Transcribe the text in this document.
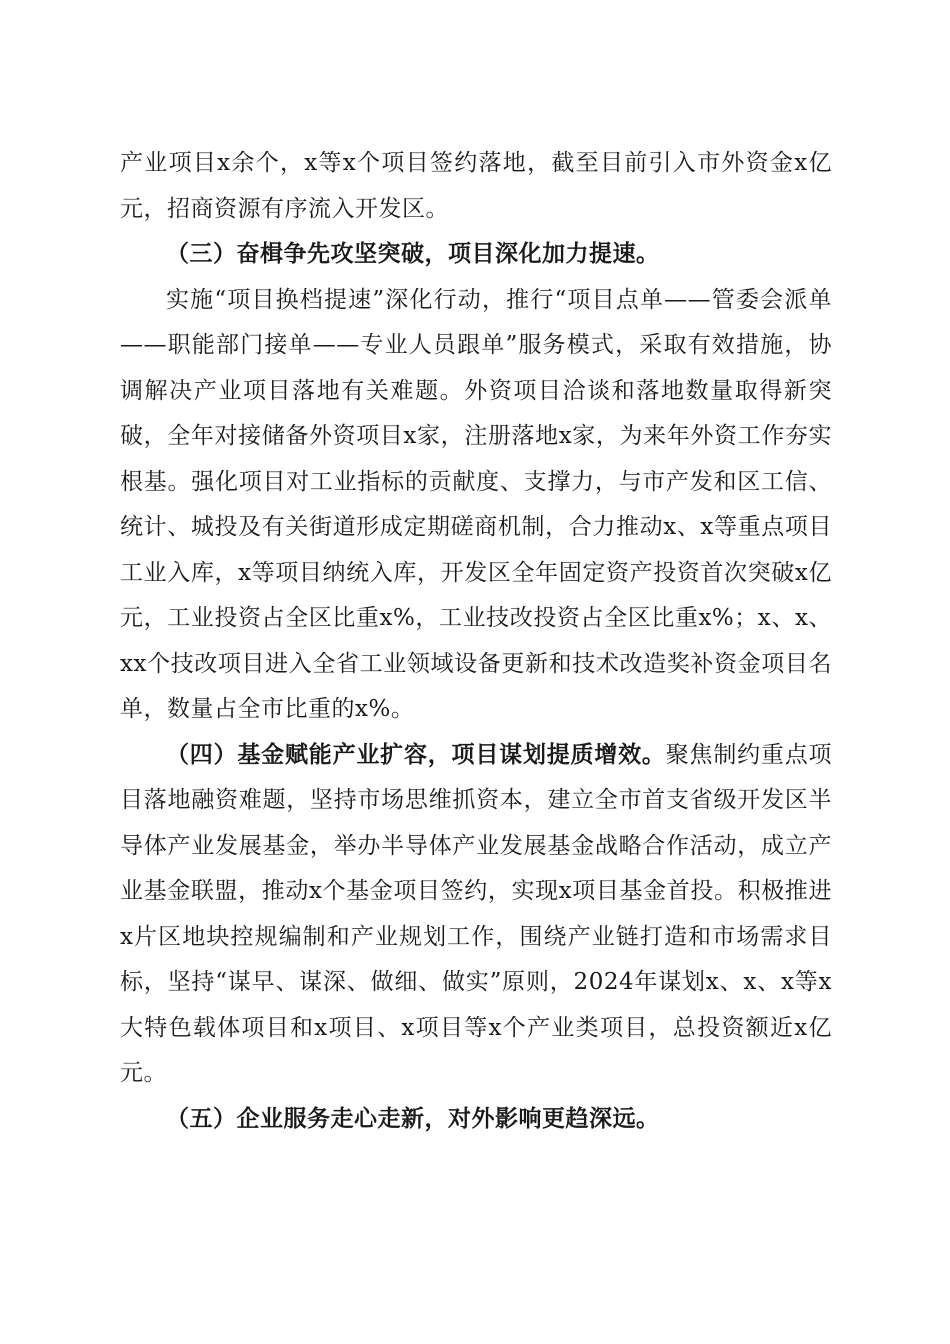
产业项目x余个，x等x个项目签约落地，截至目前引入市外资金x亿元，招商资源有序流入开发区。

（三）奋楫争先攻坚突破，项目深化加力提速。

实施“项目换档提速”深化行动，推行“项目点单——管委会派单——职能部门接单——专业人员跟单”服务模式，采取有效措施，协调解决产业项目落地有关难题。外资项目洽谈和落地数量取得新突破，全年对接储备外资项目x家，注册落地x家，为来年外资工作夯实根基。强化项目对工业指标的贡献度、支撑力，与市产发和区工信、统计、城投及有关街道形成定期磋商机制，合力推动x、x等重点项目工业入库，x等项目纳统入库，开发区全年固定资产投资首次突破x亿元，工业投资占全区比重x%，工业技改投资占全区比重x%；x、x、xx个技改项目进入全省工业领域设备更新和技术改造奖补资金项目名单，数量占全市比重的x%。

（四）基金赋能产业扩容，项目谋划提质增效。聚焦制约重点项目落地融资难题，坚持市场思维抓资本，建立全市首支省级开发区半导体产业发展基金，举办半导体产业发展基金战略合作活动，成立产业基金联盟，推动x个基金项目签约，实现x项目基金首投。积极推进x片区地块控规编制和产业规划工作，围绕产业链打造和市场需求目标，坚持“谋早、谋深、做细、做实”原则，2024年谋划x、x、x等x大特色载体项目和x项目、x项目等x个产业类项目，总投资额近x亿元。

（五）企业服务走心走新，对外影响更趋深远。
